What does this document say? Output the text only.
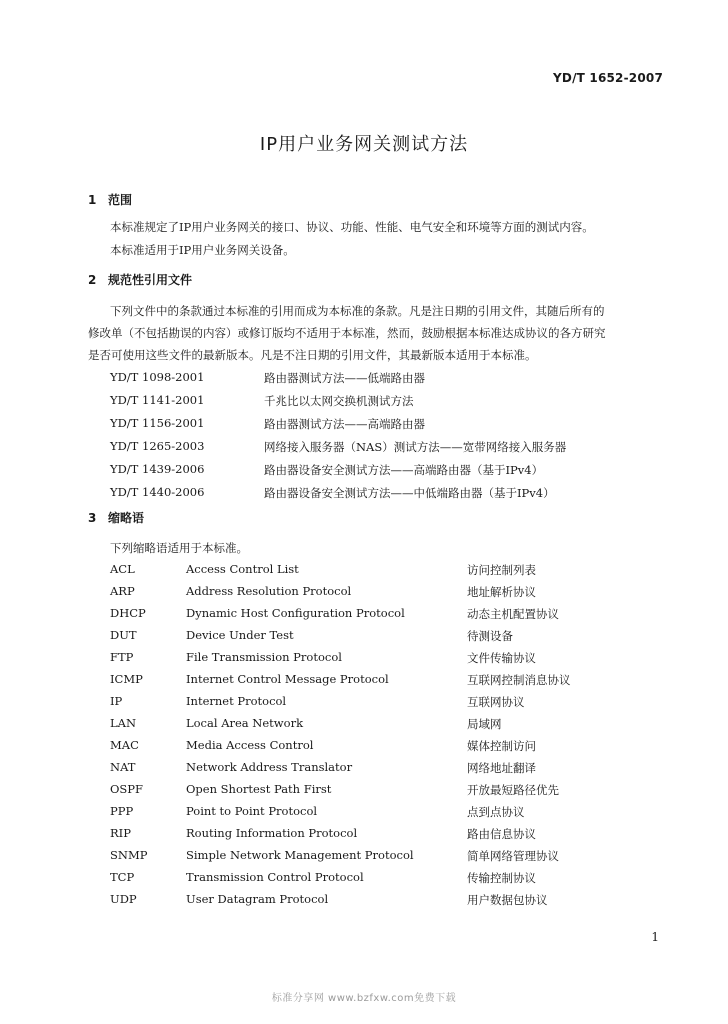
YD/T 1652-2007
IP用户业务网关测试方法
1 范围
本标准规定了IP用户业务网关的接口、协议、功能、性能、电气安全和环境等方面的测试内容。
本标准适用于IP用户业务网关设备。
2 规范性引用文件
下列文件中的条款通过本标准的引用而成为本标准的条款。凡是注日期的引用文件，其随后所有的
修改单（不包括勘误的内容）或修订版均不适用于本标准，然而，鼓励根据本标准达成协议的各方研究
是否可使用这些文件的最新版本。凡是不注日期的引用文件，其最新版本适用于本标准。
YD/T 1098-2001	路由器测试方法——低端路由器
YD/T 1141-2001	千兆比以太网交换机测试方法
YD/T 1156-2001	路由器测试方法——高端路由器
YD/T 1265-2003	网络接入服务器（NAS）测试方法——宽带网络接入服务器
YD/T 1439-2006	路由器设备安全测试方法——高端路由器（基于IPv4）
YD/T 1440-2006	路由器设备安全测试方法——中低端路由器（基于IPv4）
3 缩略语
下列缩略语适用于本标准。
ACL	Access Control List	访问控制列表
ARP	Address Resolution Protocol	地址解析协议
DHCP	Dynamic Host Configuration Protocol	动态主机配置协议
DUT	Device Under Test	待测设备
FTP	File Transmission Protocol	文件传输协议
ICMP	Internet Control Message Protocol	互联网控制消息协议
IP	Internet Protocol	互联网协议
LAN	Local Area Network	局域网
MAC	Media Access Control	媒体控制访问
NAT	Network Address Translator	网络地址翻译
OSPF	Open Shortest Path First	开放最短路径优先
PPP	Point to Point Protocol	点到点协议
RIP	Routing Information Protocol	路由信息协议
SNMP	Simple Network Management Protocol	简单网络管理协议
TCP	Transmission Control Protocol	传输控制协议
UDP	User Datagram Protocol	用户数据包协议
1
标准分享网 www.bzfxw.com免费下载
